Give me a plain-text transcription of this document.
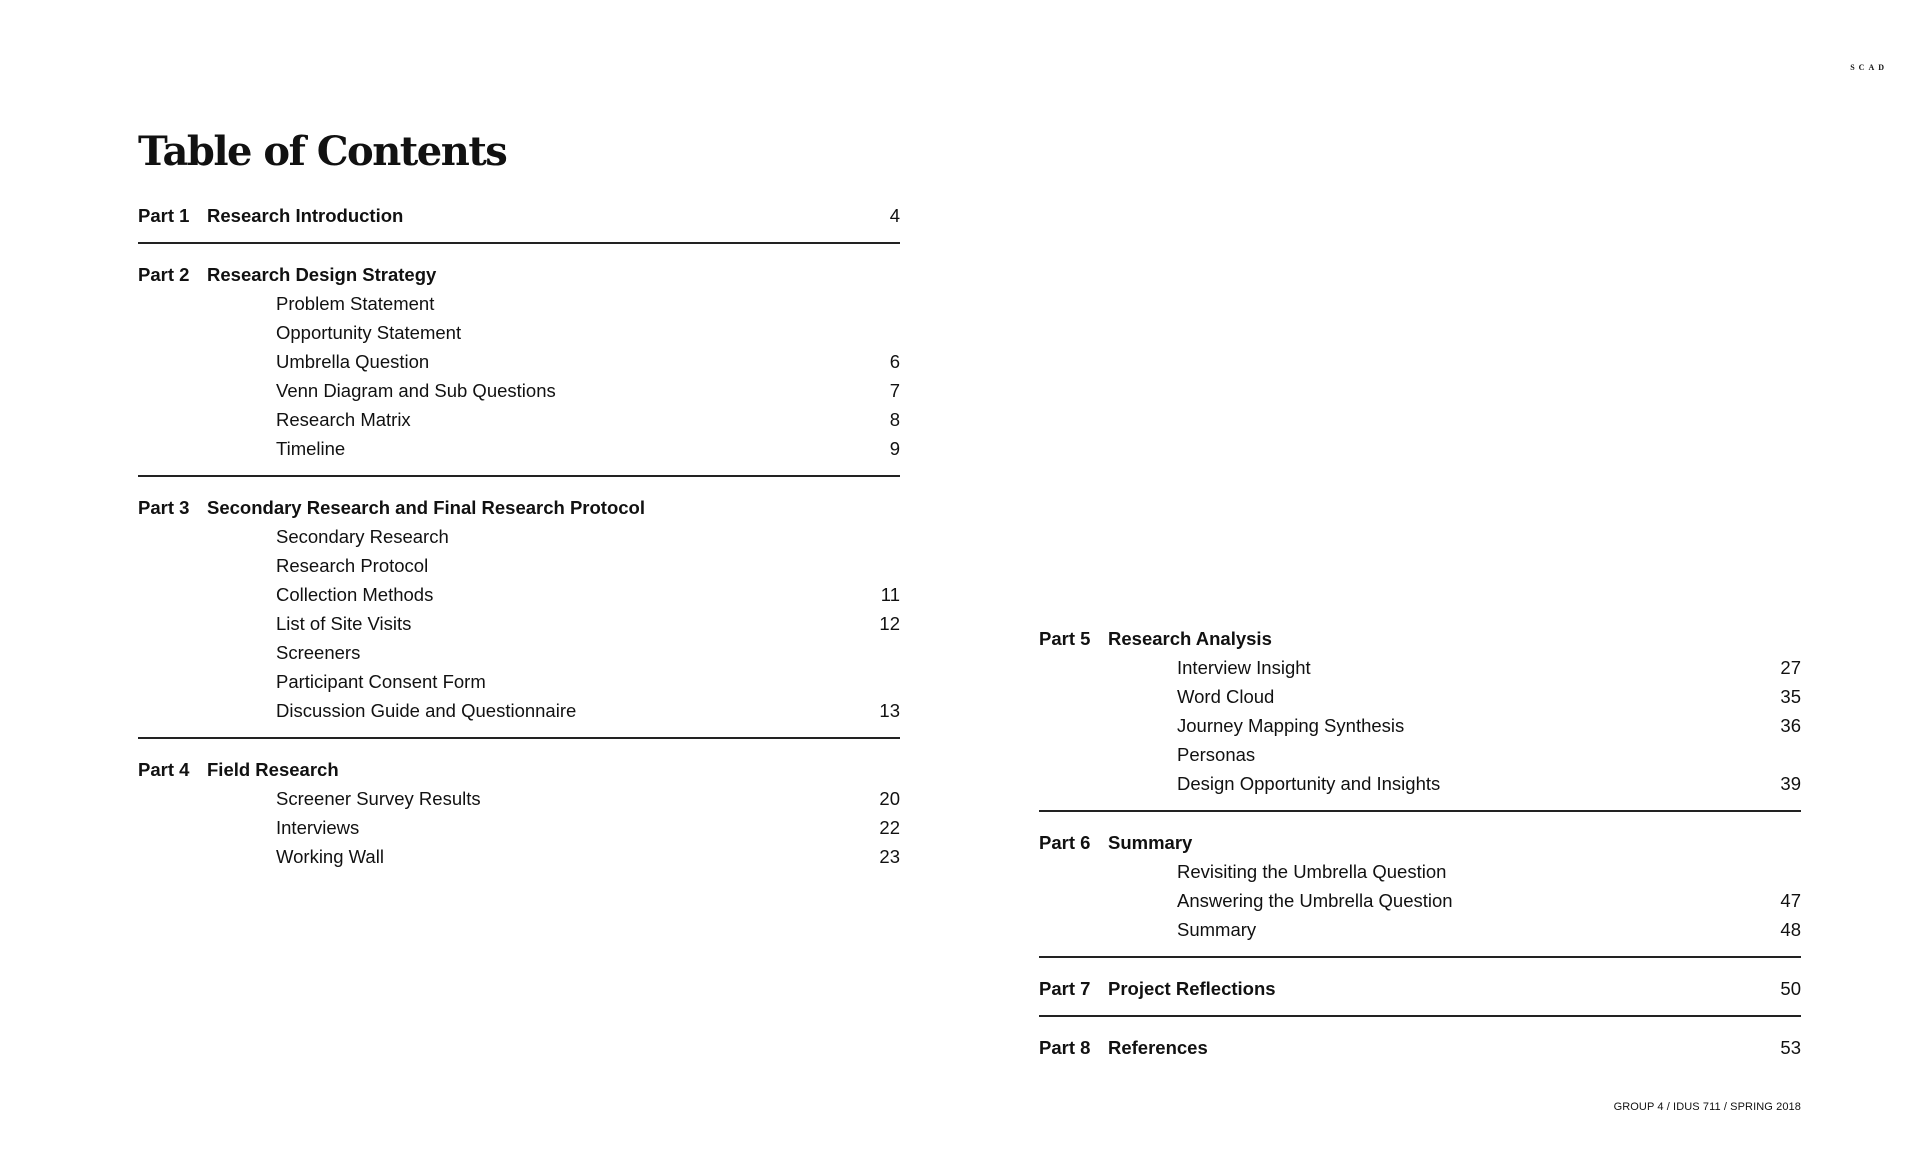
SCAD
Table of Contents
Part 1 Research Introduction	4
Part 2 Research Design Strategy
Problem Statement
Opportunity Statement
Umbrella Question	6
Venn Diagram and Sub Questions	7
Research Matrix	8
Timeline	9
Part 3 Secondary Research and Final Research Protocol
Secondary Research
Research Protocol
Collection Methods	11
List of Site Visits	12
Screeners
Participant Consent Form
Discussion Guide and Questionnaire	13
Part 4 Field Research
Screener Survey Results	20
Interviews	22
Working Wall	23
Part 5 Research Analysis
Interview Insight	27
Word Cloud	35
Journey Mapping Synthesis	36
Personas
Design Opportunity and Insights	39
Part 6 Summary
Revisiting the Umbrella Question
Answering the Umbrella Question	47
Summary	48
Part 7 Project Reflections	50
Part 8 References	53
GROUP 4 / IDUS 711 / SPRING 2018
